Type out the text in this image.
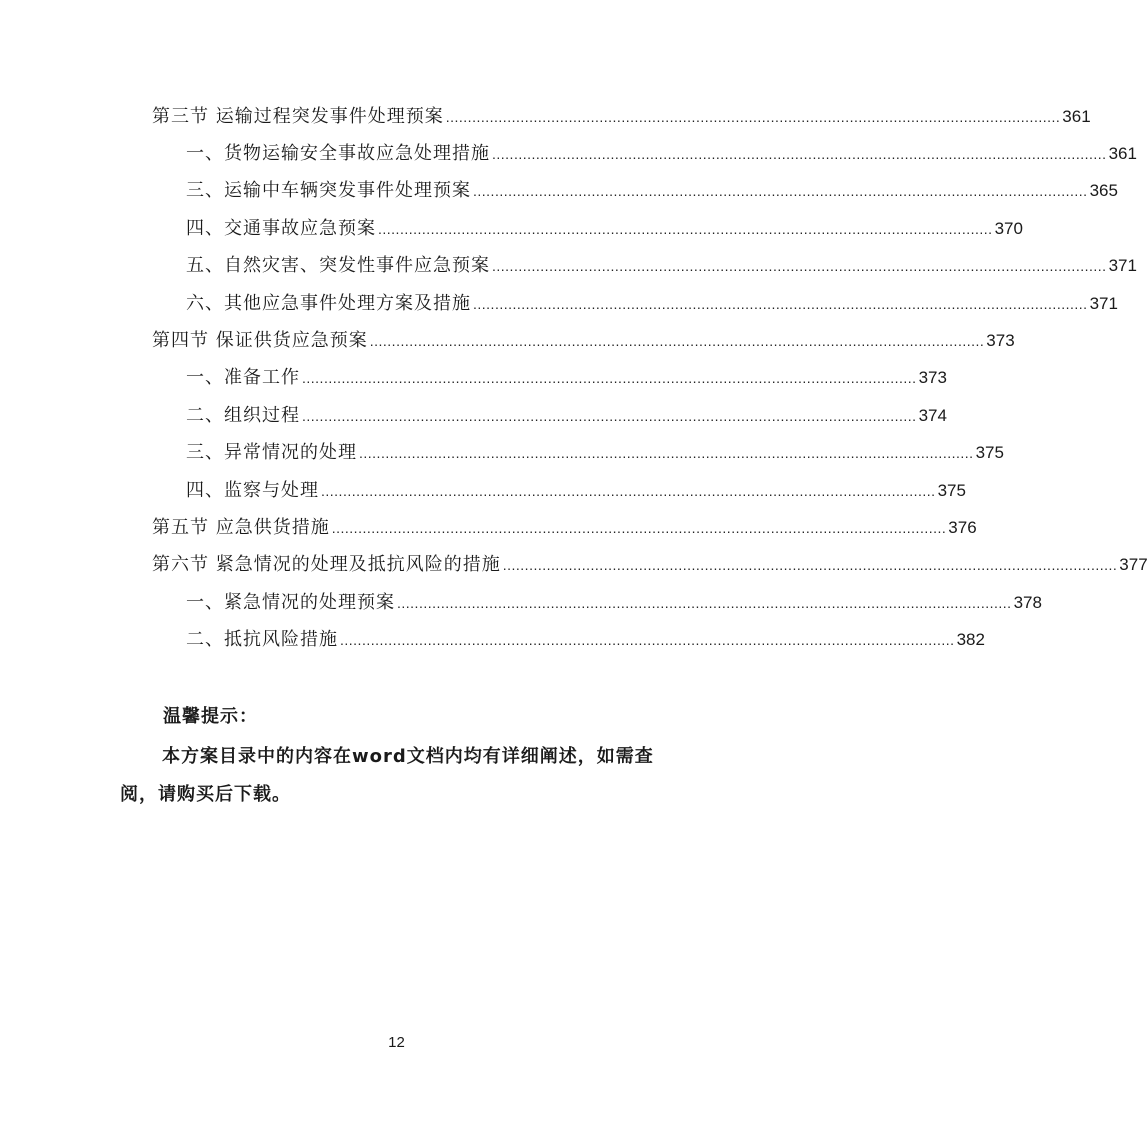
第三节 运输过程突发事件处理预案 ............................................................................................................................................ 361
一、货物运输安全事故应急处理措施 ............................................................................................................................................ 361
三、运输中车辆突发事件处理预案 ............................................................................................................................................ 365
四、交通事故应急预案 ............................................................................................................................................ 370
五、自然灾害、突发性事件应急预案 ............................................................................................................................................ 371
六、其他应急事件处理方案及措施 ............................................................................................................................................ 371
第四节 保证供货应急预案 ............................................................................................................................................ 373
一、准备工作 ............................................................................................................................................ 373
二、组织过程 ............................................................................................................................................ 374
三、异常情况的处理 ............................................................................................................................................ 375
四、监察与处理 ............................................................................................................................................ 375
第五节 应急供货措施 ............................................................................................................................................ 376
第六节 紧急情况的处理及抵抗风险的措施 ............................................................................................................................................ 377
一、紧急情况的处理预案 ............................................................................................................................................ 378
二、抵抗风险措施 ............................................................................................................................................ 382
温馨提示：
本方案目录中的内容在word文档内均有详细阐述，如需查阅，请购买后下载。
12
